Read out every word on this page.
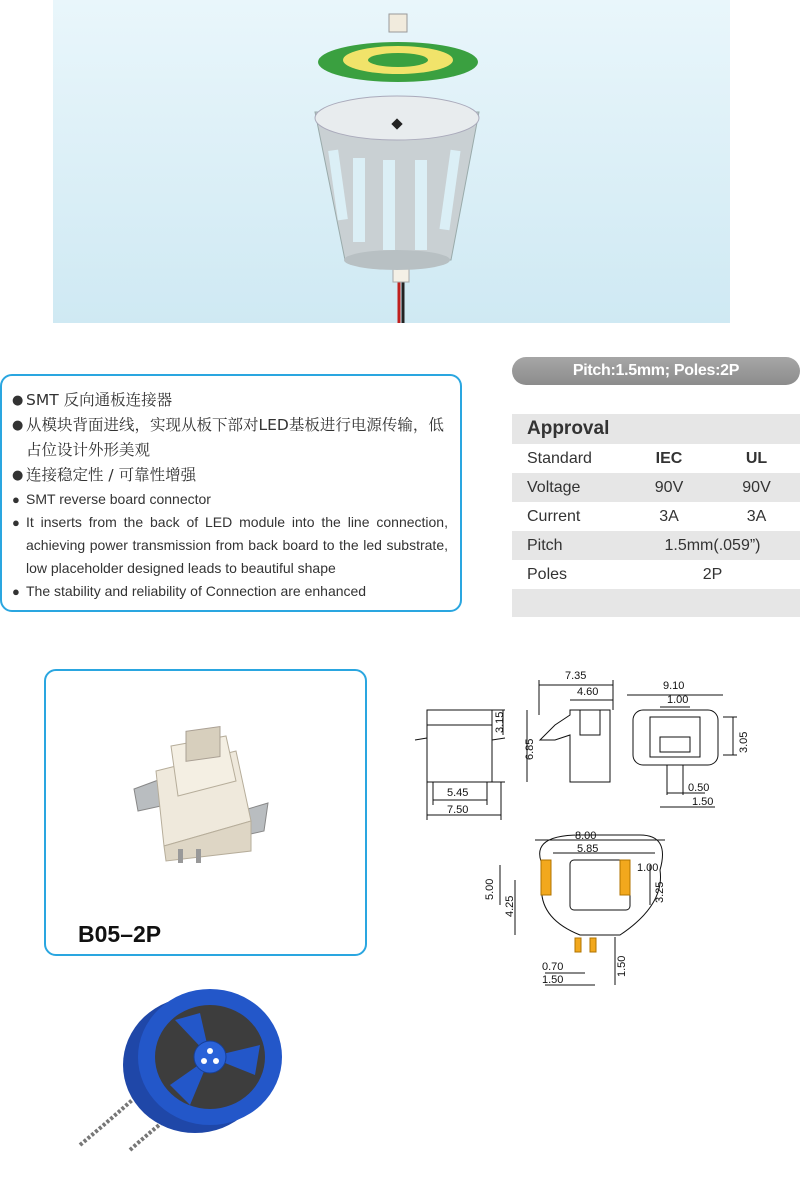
● SMT 反向通板连接器
● 从模块背面进线，实现从板下部对LED基板进行电源传输，低占位设计外形美观
● 连接稳定性 / 可靠性增强
● SMT reverse board connector
● It inserts from the back of LED module into the line connection, achieving power transmission from back board to the led substrate, low placeholder designed leads to beautiful shape
● The stability and reliability of Connection are enhanced
Pitch:1.5mm; Poles:2P
Approval
Standard	IEC	UL
Voltage	90V	90V
Current	3A	3A
Pitch	1.5mm(.059”)
Poles	2P
B05–2P
3.15
6.85
5.45
7.50
7.35
4.60	9.10
1.00
3.05
0.50
1.50
8.00
5.85
1.00
5.00	3.25
4.25
0.70
1.50
1.50
